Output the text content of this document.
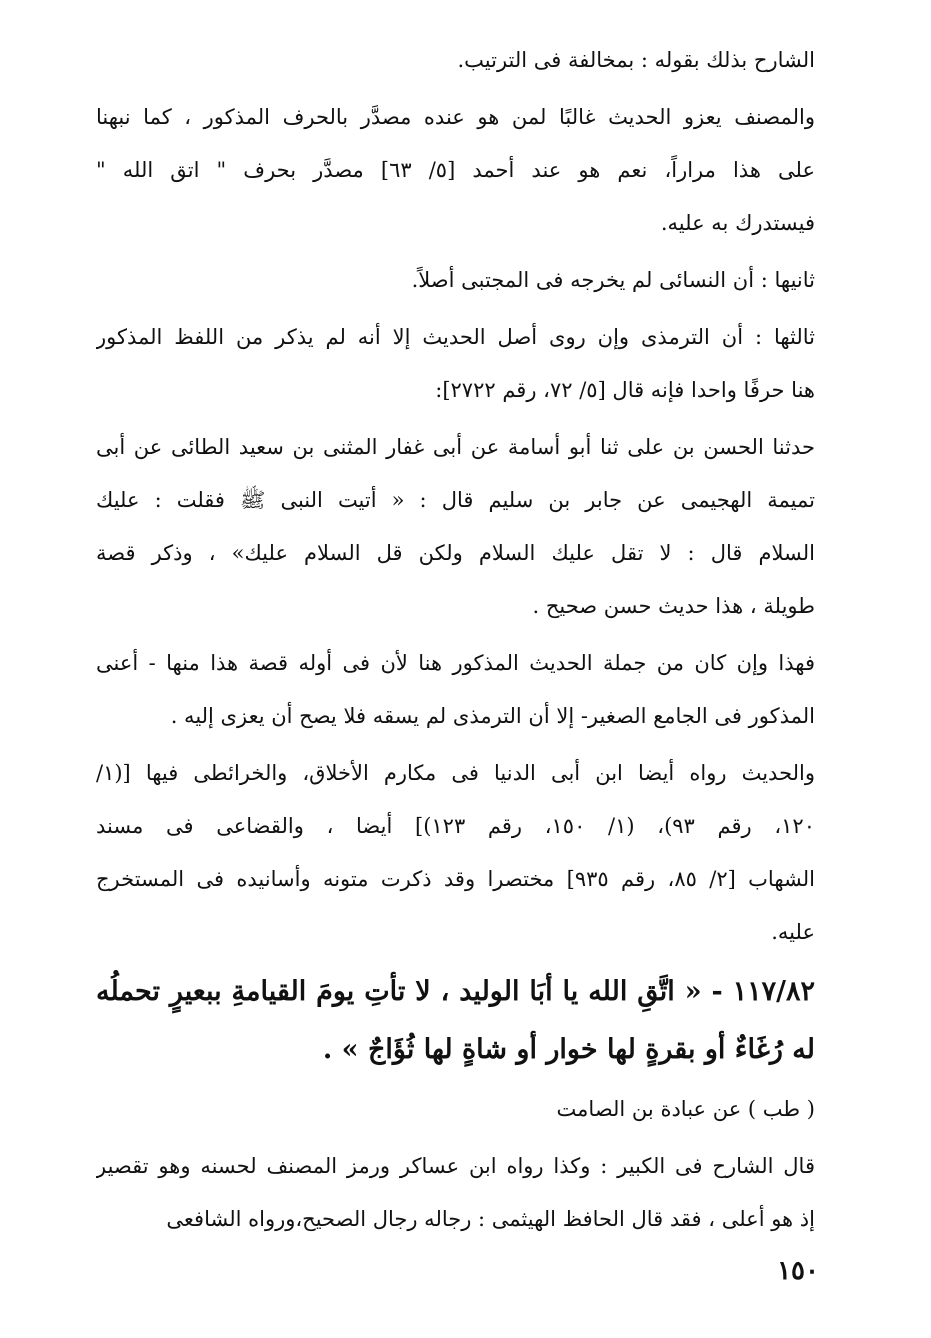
الشارح بذلك بقوله : بمخالفة فى الترتيب.
والمصنف يعزو الحديث غالبًا لمن هو عنده مصدَّر بالحرف المذكور ، كما نبهنا
على هذا مراراً، نعم هو عند أحمد [٥/ ٦٣] مصدَّر بحرف " اتق الله "
فيستدرك به عليه.
ثانيها : أن النسائى لم يخرجه فى المجتبى أصلاً.
ثالثها : أن الترمذى وإن روى أصل الحديث إلا أنه لم يذكر من اللفظ المذكور
هنا حرفًا واحدا فإنه قال [٥/ ٧٢، رقم ٢٧٢٢]:
حدثنا الحسن بن على ثنا أبو أسامة عن أبى غفار المثنى بن سعيد الطائى عن أبى
تميمة الهجيمى عن جابر بن سليم قال : « أتيت النبى ﷺ فقلت : عليك
السلام قال : لا تقل عليك السلام ولكن قل السلام عليك» ، وذكر قصة
طويلة ، هذا حديث حسن صحيح .
فهذا وإن كان من جملة الحديث المذكور هنا لأن فى أوله قصة هذا منها - أعنى
المذكور فى الجامع الصغير- إلا أن الترمذى لم يسقه فلا يصح أن يعزى إليه .
والحديث رواه أيضا ابن أبى الدنيا فى مكارم الأخلاق، والخرائطى فيها [(١/
١٢٠، رقم ٩٣)، (١/ ١٥٠، رقم ١٢٣)] أيضا ، والقضاعى فى مسند
الشهاب [٢/ ٨٥، رقم ٩٣٥] مختصرا وقد ذكرت متونه وأسانيده فى المستخرج
عليه.
١١٧/٨٢ - « اتَّقِ الله يا أبَا الوليد ، لا تأتِ يومَ القيامةِ ببعيرٍ تحملُه
له رُغَاءٌ أو بقرةٍ لها خوار أو شاةٍ لها ثُؤَاجٌ » .
( طب ) عن عبادة بن الصامت
قال الشارح فى الكبير : وكذا رواه ابن عساكر ورمز المصنف لحسنه وهو تقصير
إذ هو أعلى ، فقد قال الحافظ الهيثمى : رجاله رجال الصحيح،ورواه الشافعى
١٥٠
